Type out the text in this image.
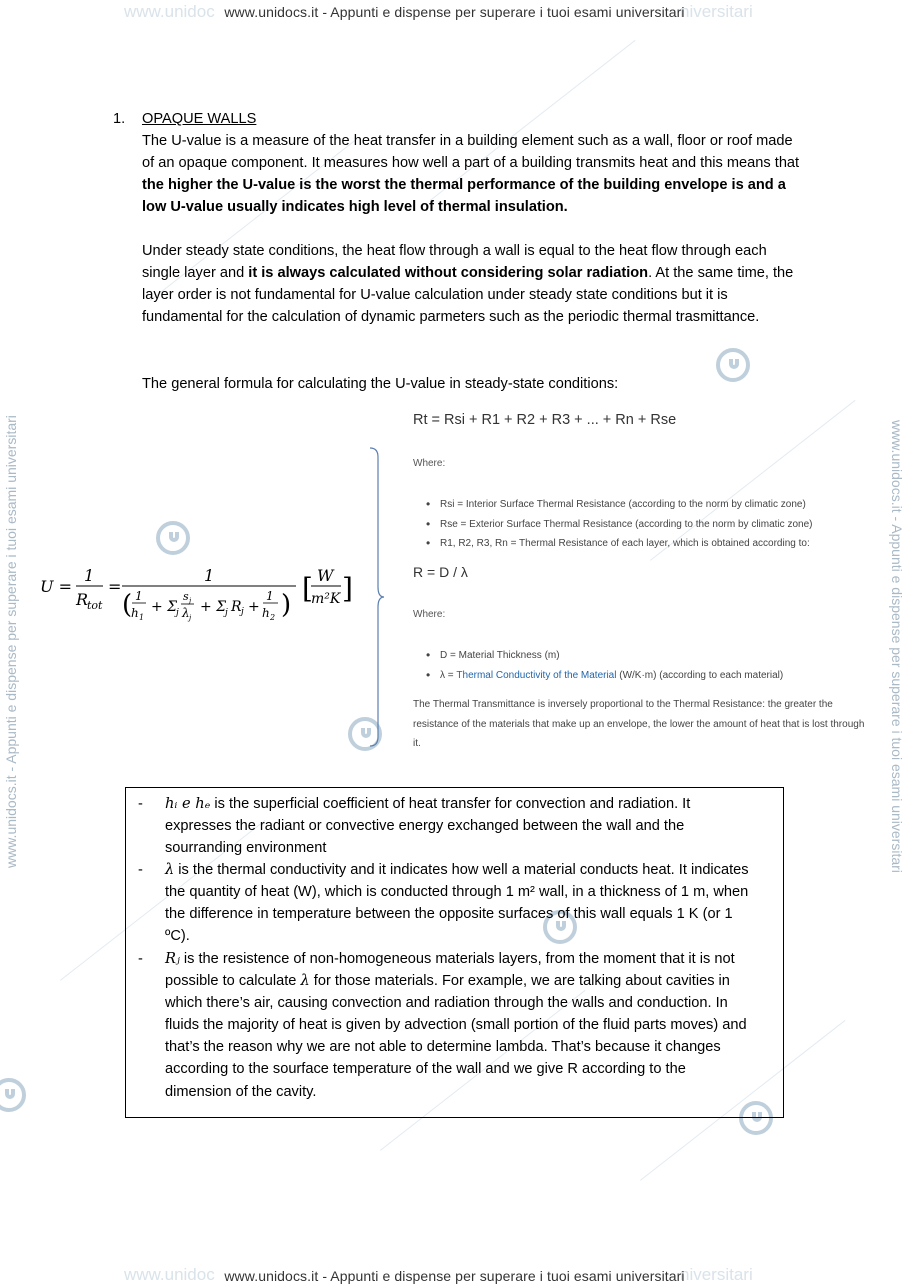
www.unidoc	niversitari
www.unidocs.it - Appunti e dispense per superare i tuoi esami universitari
www.unidoc	niversitari
www.unidocs.it - Appunti e dispense per superare i tuoi esami universitari
www.unidocs.it - Appunti e dispense per superare i tuoi esami universitari	www.unidocs.it - Appunti e dispense per superare i tuoi esami universitari
1. OPAQUE WALLS
The U-value is a measure of the heat transfer in a building element such as a wall, floor or roof made of an opaque component. It measures how well a part of a building transmits heat and this means that the higher the U-value is the worst the thermal performance of the building envelope is and a low U-value usually indicates high level of thermal insulation.
Under steady state conditions, the heat flow through a wall is equal to the heat flow through each single layer and it is always calculated without considering solar radiation. At the same time, the layer order is not fundamental for U-value calculation under steady state conditions but it is fundamental for the calculation of dynamic parmeters such as the periodic thermal trasmittance.
The general formula for calculating the U-value in steady-state conditions:
U =
1
R
tot
=
1
( 1
h 1
+ Σ
j
s j
λ j
+ Σ
j R j +
1
h 2 ) [ W
m²K ]
Rt = Rsi + R1 + R2 + R3 + ... + Rn + Rse
Where:
• Rsi = Interior Surface Thermal Resistance (according to the norm by climatic zone)
• Rse = Exterior Surface Thermal Resistance (according to the norm by climatic zone)
• R1, R2, R3, Rn = Thermal Resistance of each layer, which is obtained according to:
R = D / λ
Where:
• D = Material Thickness (m)
• λ = Thermal Conductivity of the Material (W/K·m) (according to each material)
The Thermal Transmittance is inversely proportional to the Thermal Resistance: the greater the resistance of the materials that make up an envelope, the lower the amount of heat that is lost through it.
- hᵢ e hₑ is the superficial coefficient of heat transfer for convection and radiation. It expresses the radiant or convective energy exchanged between the wall and the sourranding environment
- λ is the thermal conductivity and it indicates how well a material conducts heat. It indicates the quantity of heat (W), which is conducted through 1 m² wall, in a thickness of 1 m, when the difference in temperature between the opposite surfaces of this wall equals 1 K (or 1 ºC).
- Rⱼ is the resistence of non-homogeneous materials layers, from the moment that it is not possible to calculate λ for those materials. For example, we are talking about cavities in which there’s air, causing convection and radiation through the walls and conduction. In fluids the majority of heat is given by advection (small portion of the fluid parts moves) and that’s the reason why we are not able to determine lambda. That’s because it changes according to the sourface temperature of the wall and we give R according to the dimension of the cavity.
